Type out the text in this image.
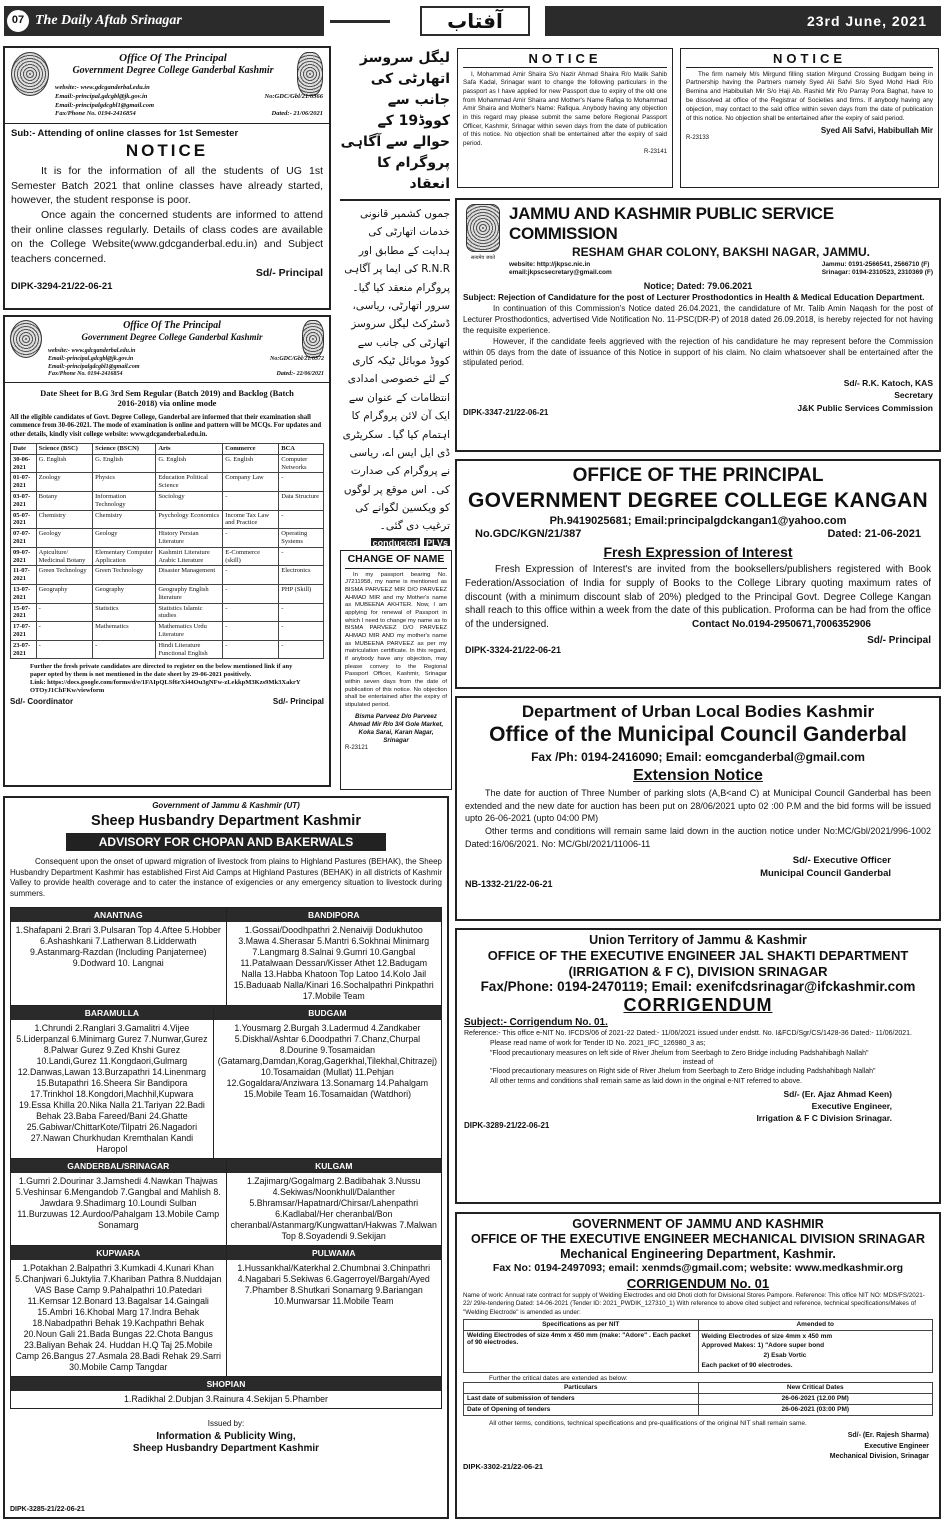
07 The Daily Aftab Srinagar	آفتاب	23rd June, 2021
Office Of The Principal
Government Degree College Ganderbal Kashmir
website:- www.gdcganderbal.edu.in
Email:-principal.gdcgbl@jk.gov.in	No:GDC/Gbl/21/6366
Email:-principalgdcgbl1@gmail.com
Fax/Phone No. 0194-2416854	Dated:- 21/06/2021
Sub:- Attending of online classes for 1st Semester
NOTICE
It is for the information of all the students of UG 1st Semester Batch 2021 that online classes have already started, however, the student response is poor.
Once again the concerned students are informed to attend their online classes regularly. Details of class codes are available on the College Website(www.gdcganderbal.edu.in) and Subject teachers concerned.
Sd/- Principal
DIPK-3294-21/22-06-21
Office Of The Principal
Government Degree College Ganderbal Kashmir
website:- www.gdcganderbal.edu.in
Email:-principal.gdcgbl@jk.gov.in	No:GDC/Gbl/21/6372
Email:-principalgdcgbl1@gmail.com
Fax/Phone No. 0194-2416854	Dated:- 22/06/2021
Date Sheet for B.G 3rd Sem Regular (Batch 2019) and Backlog (Batch 2016-2018) via online mode
All the eligible candidates of Govt. Degree College, Ganderbal are informed that their examination shall commence from 30-06-2021. The mode of examination is online and pattern will be MCQs. For updates and other details, kindly visit college website: www.gdcganderbal.edu.in.
Date	Science (BSC)	Science (BSCN)	Arts	Commerce	BCA
30-06-2021	G. English	G. English	G. English	G. English	Computer Networks
01-07-2021	Zoology	Physics	Education Political Science	Company Law	-
03-07-2021	Botany	Information Technology	Sociology	-	Data Structure
05-07-2021	Chemistry	Chemistry	Psychology Economics	Income Tax Law and Practice	-
07-07-2021	Geology	Geology	History Persian Literature	-	Operating Systems
09-07-2021	Apiculture/ Medicinal Botany	Elementary Computer Application	Kashmiri Literature Arabic Literature	E-Commerce (skill)	-
11-07-2021	Green Technology	Green Technology	Disaster Management	-	Electronics
13-07-2021	Geography	Geography	Geography English literature	-	PHP (Skill)
15-07-2021	-	Statistics	Statistics Islamic studies	-	-
17-07-2021	-	Mathematics	Mathematics Urdu Literature	-	-
23-07-2021	-	-	Hindi Literature Functional English	-	-
Further the fresh private candidates are directed to register on the below mentioned link if any paper opted by them is not mentioned in the date sheet by 29-06-2021 positively.
Link: https://docs.google.com/forms/d/e/1FAIpQLSf6rXi44Ou3gNFw-zLekkpM3Kzs9Mk3XakrYOTOyJ1ChFKw/viewform
Sd/- Coordinator	Sd/- Principal
لیگل سروسز اتھارٹی کی جانب سے کووڈ19 کے حوالے سے آگاہی پروگرام کا انعقاد
جموں کشمیر قانونی خدمات اتھارٹی کی ہدایت کے مطابق اور R.N.R کی ایما پر آگاہی پروگرام منعقد کیا گیا۔ سرور اتھارٹی، ریاسی، ڈسٹرکٹ لیگل سروسز اتھارٹی کی جانب سے کووڈ موبائل ٹیکہ کاری کے لئے خصوصی امدادی انتظامات کے عنوان سے ایک آن لائن پروگرام کا اہتمام کیا گیا۔ سکریٹری ڈی ایل ایس اے، ریاسی نے پروگرام کی صدارت کی۔ اس موقع پر لوگوں کو ویکسین لگوانے کی ترغیب دی گئی۔
conducted PLVs
CHANGE OF NAME
In my passport bearing No. J7211958, my name is mentioned as BISMA PARVEEZ MIR D/O PARVEEZ AHMAD MIR and my Mother's name as MUBEENA AKHTER. Now, I am applying for renewal of Passport in which I need to change my name as to BISMA PARVEEZ D/O PARVEEZ AHMAD MIR AND my mother's name as MUBEENA PARVEEZ as per my matriculation certificate. In this regard, if anybody have any objection, may please convey to the Regional Passport Officer, Kashmir, Srinagar within seven days from the date of publication of this notice. No objection shall be entertained after the expiry of stipulated period.
Bisma Parveez D/o Parveez Ahmad Mir R/o 3/4 Gole Market, Koka Sarai, Karan Nagar, Srinagar
R-23121
NOTICE
I, Mohammad Amir Shaira S/o Nazir Ahmad Shaira R/o Malik Sahib Safa Kadal, Srinagar want to change the following particulars in the passport as I have applied for new Passport due to expiry of the old one from Mohammad Amir Shaira and Mother's Name Rafiqa to Mohammad Amir Shaira and Mother's Name: Rafiqua. Anybody having any objection in this regard may please submit the same before Regional Passport Officer, Kashmir, Srinagar within seven days from the date of publication of this notice. No objection shall be entertained after the expiry of said period.
R-23141
NOTICE
The firm namely M/s Mirgund filling station Mirgund Crossing Budgam being in Partnership having the Partners namely Syed Ali Safvi S/o Syed Mohd Hadi R/o Bemina and Habibullah Mir S/o Haji Ab. Rashid Mir R/o Parray Pora Baghat, have to be dissolved at office of the Registrar of Societies and firms. If anybody having any objection, may contact to the said office within seven days from the date of publication of this notice. No objection shall be entertained after the expiry of said period.
Syed Ali Safvi, Habibullah Mir
R-23133
सत्यमेव जयते
JAMMU AND KASHMIR PUBLIC SERVICE COMMISSION
RESHAM GHAR COLONY, BAKSHI NAGAR, JAMMU.
website: http://jkpsc.nic.in
email:jkpscsecretary@gmail.com
Jammu: 0191-2566541, 2566710 (F)
Srinagar: 0194-2310523, 2310369 (F)
Notice; Dated: 79.06.2021
Subject: Rejection of Candidature for the post of Lecturer Prosthodontics in Health & Medical Education Department.
In continuation of this Commission's Notice dated 26.04.2021, the candidature of Mr. Talib Amin Naqash for the post of Lecturer Prosthodontics, advertised Vide Notification No. 11-PSC(DR-P) of 2018 dated 26.09.2018, is hereby rejected for not having the requisite experience.
However, if the candidate feels aggrieved with the rejection of his candidature he may represent before the Commission within 05 days from the date of issuance of this Notice in support of his claim. No claim whatsoever shall be entertained after the stipulated period.
Sd/- R.K. Katoch, KAS
Secretary
J&K Public Services Commission
DIPK-3347-21/22-06-21
OFFICE OF THE PRINCIPAL
GOVERNMENT DEGREE COLLEGE KANGAN
Ph.9419025681; Email:principalgdckangan1@yahoo.com
No.GDC/KGN/21/387	Dated: 21-06-2021
Fresh Expression of Interest
Fresh Expression of Interest's are invited from the booksellers/publishers registered with Book Federation/Association of India for supply of Books to the College Library quoting maximum rates of discount (with a minimum discount slab of 20%) pledged to the Principal Govt. Degree College Kangan shall reach to this office within a week from the date of this publication. Proforma can be had from the office of the undersigned.	Contact No.0194-2950671,7006352906
Sd/- Principal
DIPK-3324-21/22-06-21
Department of Urban Local Bodies Kashmir
Office of the Municipal Council Ganderbal
Fax /Ph: 0194-2416090; Email: eomcganderbal@gmail.com
Extension Notice
The date for auction of Three Number of parking slots (A,B<and C) at Municipal Council Ganderbal has been extended and the new date for auction has been put on 28/06/2021 upto 02 :00 P.M and the bid forms will be issued upto 26-06-2021 (upto 04:00 PM)
Other terms and conditions will remain same laid down in the auction notice under No:MC/Gbl/2021/996-1002 Dated:16/06/2021. No: MC/Gbl/2021/11006-11
Sd/- Executive Officer
Municipal Council Ganderbal
NB-1332-21/22-06-21
Union Territory of Jammu & Kashmir
OFFICE OF THE EXECUTIVE ENGINEER JAL SHAKTI DEPARTMENT
(IRRIGATION & F C), DIVISION SRINAGAR
Fax/Phone: 0194-2470119; Email: exenifcdsrinagar@ifckashmir.com
CORRIGENDUM
Subject:- Corrigendum No. 01.
Reference:- This office e-NIT No. IFCDS/06 of 2021-22 Dated:- 11/06/2021 issued under endstt. No. I&FCD/Sgr/CS/1428-36 Dated:- 11/06/2021.
Please read name of work for Tender ID No. 2021_IFC_126980_3 as;
"Flood precautionary measures on left side of River Jhelum from Seerbagh to Zero Bridge including Padshahibagh Nallah"
instead of
"Flood precautionary measures on Right side of River Jhelum from Seerbagh to Zero Bridge including Padshahibagh Nallah"
All other terms and conditions shall remain same as laid down in the original e-NIT referred to above.
Sd/- (Er. Ajaz Ahmad Keen)
Executive Engineer,
Irrigation & F C Division Srinagar.
DIPK-3289-21/22-06-21
GOVERNMENT OF JAMMU AND KASHMIR
OFFICE OF THE EXECUTIVE ENGINEER MECHANICAL DIVISION SRINAGAR
Mechanical Engineering Department, Kashmir.
Fax No: 0194-2497093; email: xenmds@gmail.com; website: www.medkashmir.org
CORRIGENDUM No. 01
Name of work: Annual rate contract for supply of Welding Electrodes and old Dhoti cloth for Divisional Stores Pampore. Reference: This office NIT NO: MDS/FS/2021-22/ 29/e-tendering Dated: 14-06-2021 (Tender ID: 2021_PWDIK_127310_1) With reference to above cited subject and reference, technical specifications/Makes of "Welding Electrode" is amended as under:
Specifications as per NIT	Amended to
Welding Electrodes of size 4mm x 450 mm (make: "Adore" . Each packet of 90 electrodes.	Welding Electrodes of size 4mm x 450 mm
Approved Makes: 1) "Adore super bond
2) Esab Vortic
Each packet of 90 electrodes.
Further the critical dates are extended as below:
Particulars	New Critical Dates
Last date of submission of tenders	26-06-2021 (12.00 PM)
Date of Opening of tenders	26-06-2021 (03:00 PM)
All other terms, conditions, technical specifications and pre-qualifications of the original NIT shall remain same.
Sd/- (Er. Rajesh Sharma)
Executive Engineer
Mechanical Division, Srinagar
DIPK-3302-21/22-06-21
Government of Jammu & Kashmir (UT)
Sheep Husbandry Department Kashmir
ADVISORY FOR CHOPAN AND BAKERWALS
Consequent upon the onset of upward migration of livestock from plains to Highland Pastures (BEHAK), the Sheep Husbandry Department Kashmir has established First Aid Camps at Highland Pastures (BEHAK) in all districts of Kashmir Valley to provide health coverage and to cater the instance of exigencies or any emergency situation to livestock during summers.
ANANTNAG
1.Shafapani 2.Brari 3.Pulsaran Top 4.Aftee 5.Hobber 6.Ashashkani 7.Latherwan 8.Lidderwath 9.Astanmarg-Razdan (Including Panjaternee) 9.Dodward 10. Langnai
BANDIPORA
1.Gossai/Doodhpathri 2.Nenaiviji Dodukhutoo 3.Mawa 4.Sherasar 5.Mantri 6.Sokhnai Minimarg 7.Langmarg 8.Salnai 9.Gumri 10.Gangbal 11.Patalwaan Dessan/Kisser Athet 12.Badugam Nalla 13.Habba Khatoon Top Latoo 14.Kolo Jail 15.Baduaab Nalla/Kinari 16.Sochalpathri Pinkpathri 17.Mobile Team
BARAMULLA
1.Chrundi 2.Ranglari 3.Gamalitri 4.Vijee 5.Liderpanzal 6.Minimarg Gurez 7.Nunwar,Gurez 8.Palwar Gurez 9.Zed Khshi Gurez 10.Landi,Gurez 11.Kongdaori,Gulmarg 12.Danwas,Lawan 13.Burzapathri 14.Linenmarg 15.Butapathri 16.Sheera Sir Bandipora 17.Trinkhol 18.Kongdori,Machhil,Kupwara 19.Essa Khilla 20.Nika Nalla 21.Tariyan 22.Badi Behak 23.Baba Fareed/Bani 24.Ghatte 25.Gabiwar/ChittarKote/Tilpatri 26.Nagadori 27.Nawan Churkhudan Kremthalan Kandi Haropol
BUDGAM
1.Yousmarg 2.Burgah 3.Ladermud 4.Zandkaber 5.Diskhal/Ashtar 6.Doodpathri 7.Chanz,Churpal 8.Dourine 9.Tosamaidan (Gatamarg,Damdan,Korag,Gagerkhal,Tilekhal,Chitrazej) 10.Tosamaidan (Mullat) 11.Pehjan 12.Gogaldara/Anziwara 13.Sonamarg 14.Pahalgam 15.Mobile Team 16.Tosamaidan (Watdhori)
GANDERBAL/SRINAGAR
1.Gumri 2.Dourinar 3.Jamshedi 4.Nawkan Thajwas 5.Veshinsar 6.Mengandob 7.Gangbal and Mahlish 8. Jawdara 9.Shadimarg 10.Loundi Sulban 11.Burzuwas 12.Aurdoo/Pahalgam 13.Mobile Camp Sonamarg
KULGAM
1.Zajimarg/Gogalmarg 2.Badibahak 3.Nussu 4.Sekiwas/Noonkhull/Dalanther 5.Bhramsar/Hapatnard/Chirsar/Lahenpathri 6.Kadlabal/Her cheranbal/Bon cheranbal/Astanmarg/Kungwattan/Hakwas 7.Malwan Top 8.Soyadendi 9.Sekijan
KUPWARA
1.Potakhan 2.Balpathri 3.Kumkadi 4.Kunari Khan 5.Chanjwari 6.Juktylia 7.Khariban Pathra 8.Nuddajan VAS Base Camp 9.Pahalpathri 10.Patedari 11.Kemsar 12.Bonard 13.Bagalsar 14.Gaingali 15.Ambri 16.Khobal Marg 17.Indra Behak 18.Nabadpathri Behak 19.Kachpathri Behak 20.Noun Gali 21.Bada Bungas 22.Chota Bangus 23.Baliyan Behak 24. Huddan H.Q Taj 25.Mobile Camp 26.Bangus 27.Asmala 28.Badi Rehak 29.Sarri 30.Mobile Camp Tangdar
PULWAMA
1.Hussankhal/Katerkhal 2.Chumbnai 3.Chinpathri 4.Nagabari 5.Sekiwas 6.Gagerroyel/Bargah/Ayed 7.Phamber 8.Shutkari Sonamarg 9.Bariangan 10.Munwarsar 11.Mobile Team
SHOPIAN
1.Radikhal 2.Dubjan 3.Rainura 4.Sekijan 5.Phamber
Issued by:
Information & Publicity Wing,
Sheep Husbandry Department Kashmir
DIPK-3285-21/22-06-21
